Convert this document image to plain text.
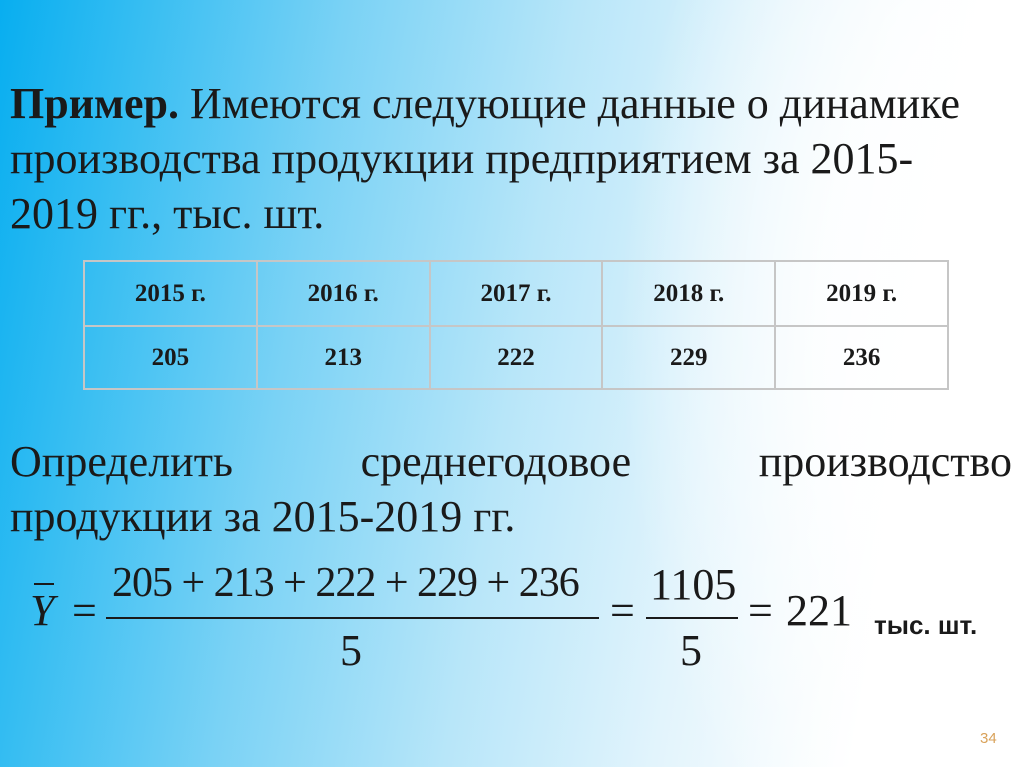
Пример. Имеются следующие данные о динамике
производства продукции предприятием за 2015-
2019 гг., тыс. шт.

2015 г.	2016 г.	2017 г.	2018 г.	2019 г.
205	213	222	229	236
Определить	среднегодовое	производство
продукции за 2015-2019 гг.
Y =
205 + 213 + 222 + 229 + 236
5
=
1105
5
= 221 тыс. шт.
34
